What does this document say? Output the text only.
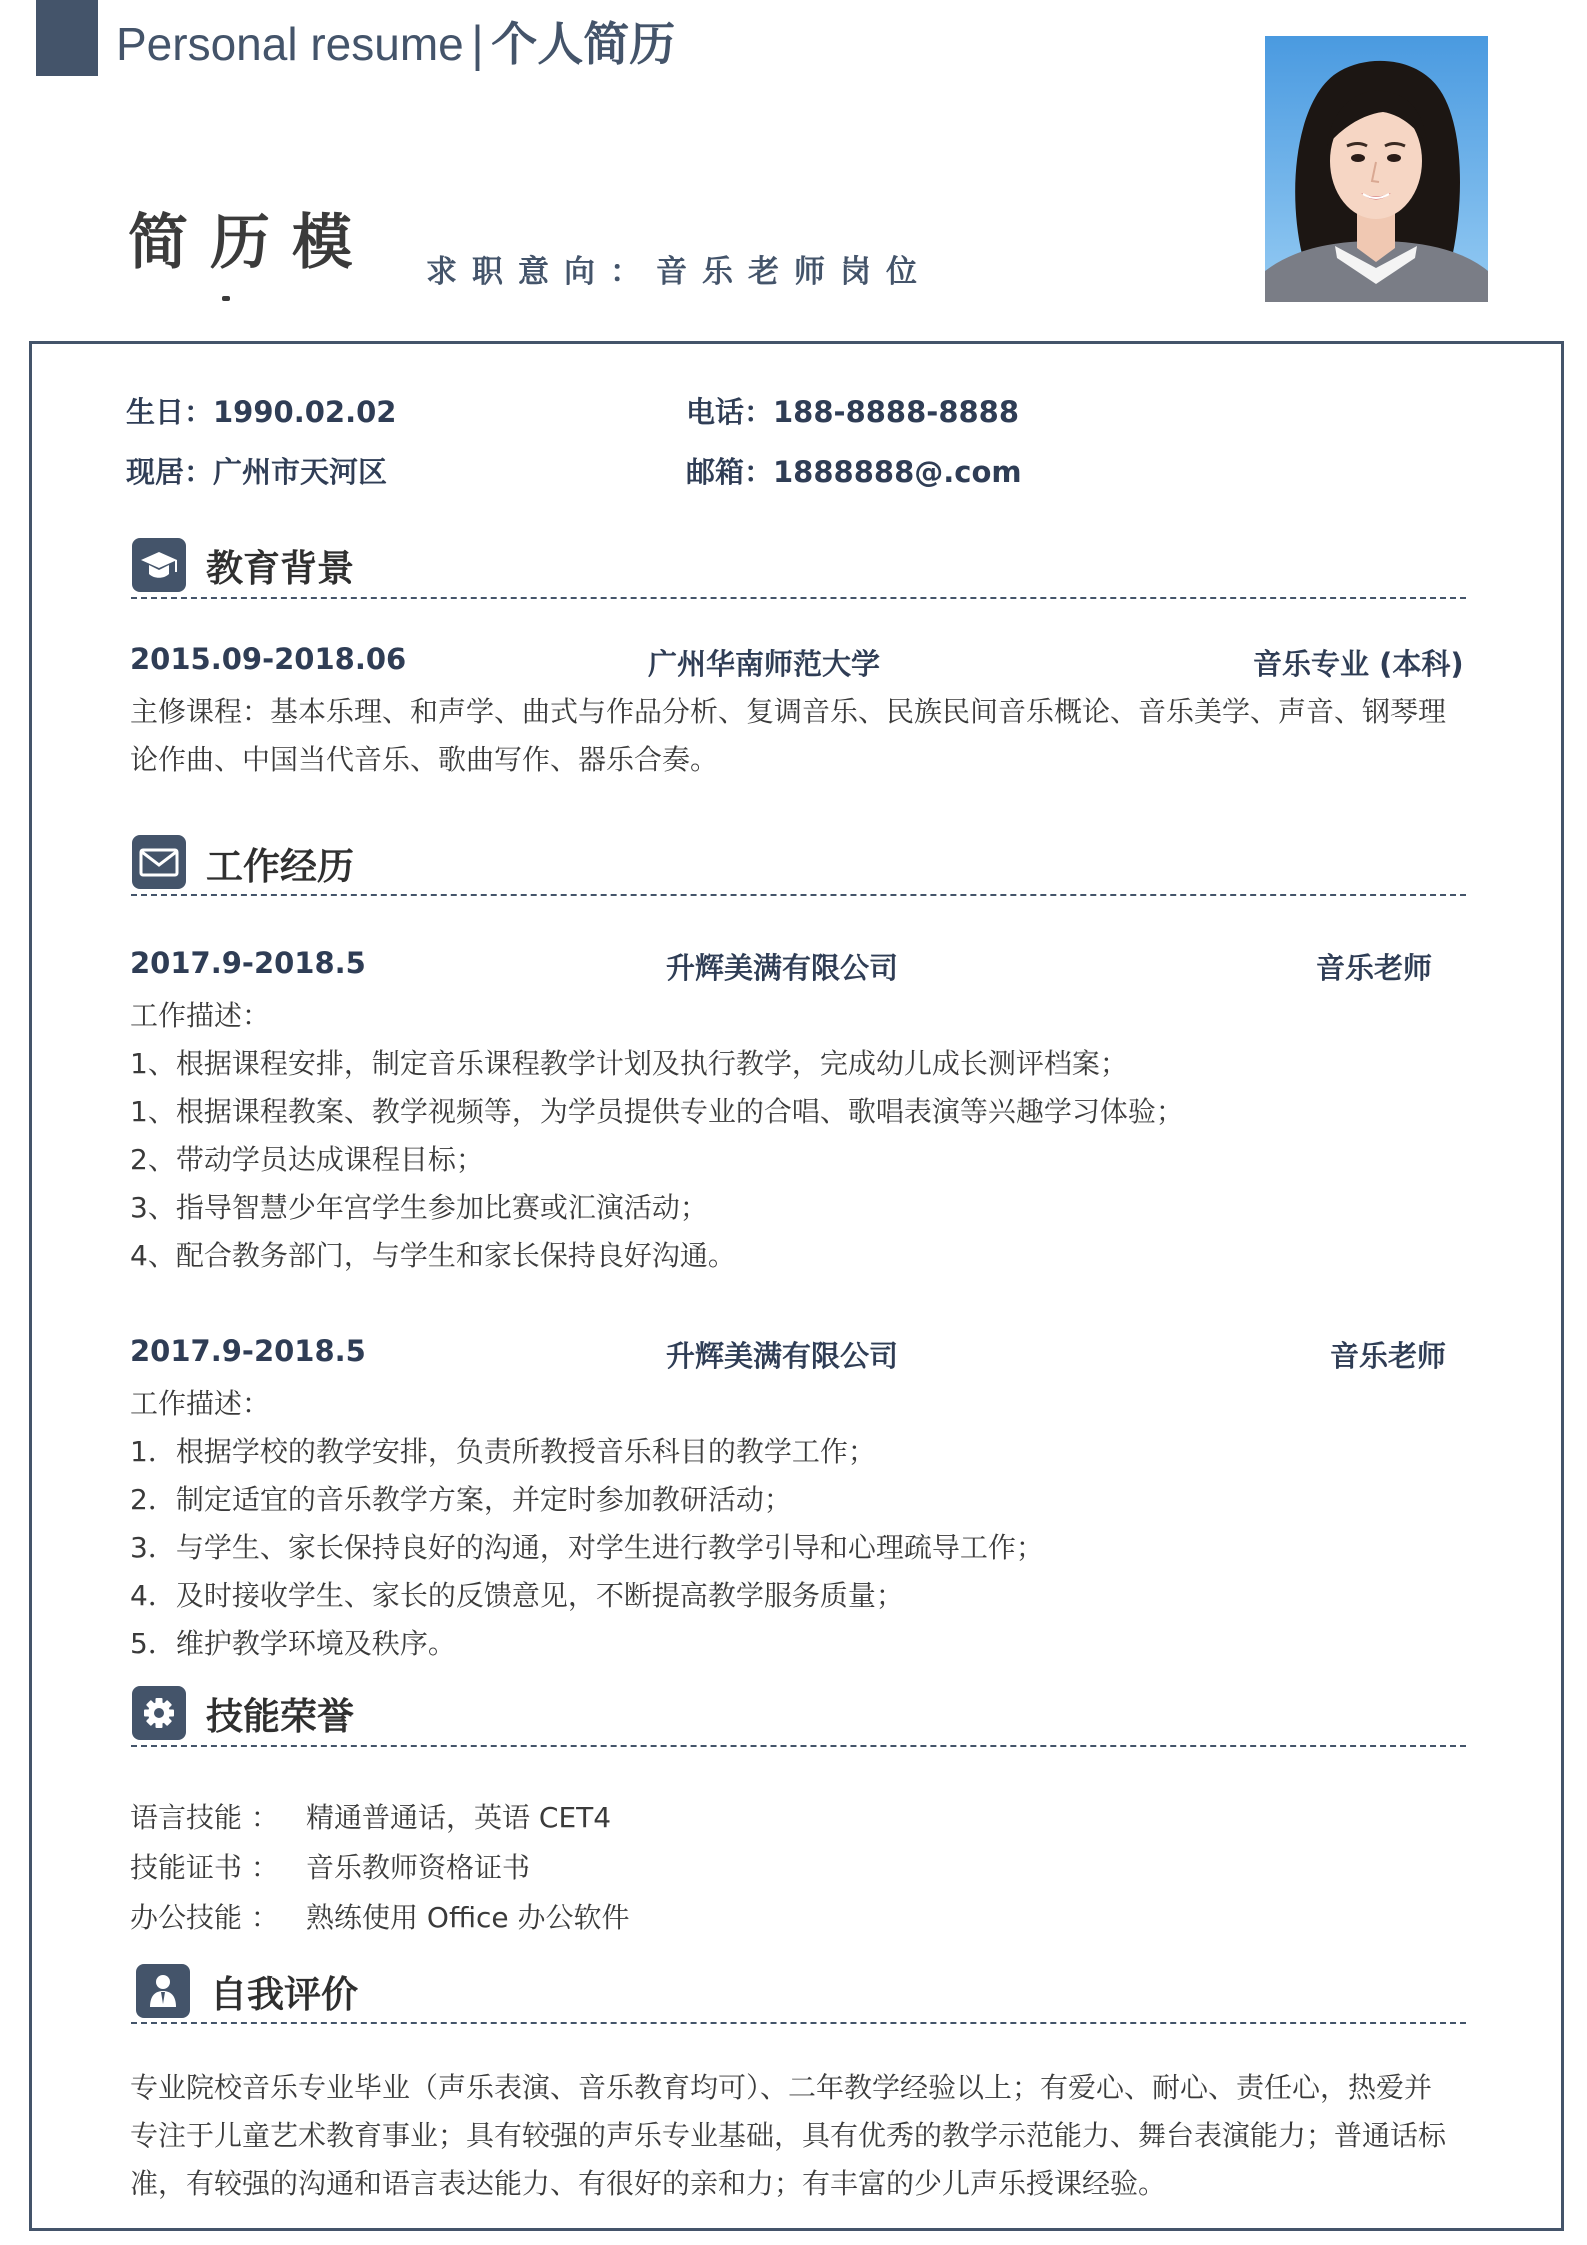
Personal resume | 个人简历
简历模 求职意向：音乐老师岗位
生日：1990.02.02	电话：188-8888-8888
现居：广州市天河区	邮箱：1888888@.com
教育背景
2015.09-2018.06	广州华南师范大学	音乐专业 (本科)
主修课程：基本乐理、和声学、曲式与作品分析、复调音乐、民族民间音乐概论、音乐美学、声音、钢琴理
论作曲、中国当代音乐、歌曲写作、器乐合奏。
工作经历
2017.9-2018.5	升辉美满有限公司	音乐老师
工作描述：
1、根据课程安排，制定音乐课程教学计划及执行教学，完成幼儿成长测评档案；
1、根据课程教案、教学视频等，为学员提供专业的合唱、歌唱表演等兴趣学习体验；
2、带动学员达成课程目标；
3、指导智慧少年宫学生参加比赛或汇演活动；
4、配合教务部门，与学生和家长保持良好沟通。
2017.9-2018.5	升辉美满有限公司	音乐老师
工作描述：
1．根据学校的教学安排，负责所教授音乐科目的教学工作；
2．制定适宜的音乐教学方案，并定时参加教研活动；
3．与学生、家长保持良好的沟通，对学生进行教学引导和心理疏导工作；
4．及时接收学生、家长的反馈意见，不断提高教学服务质量；
5．维护教学环境及秩序。
技能荣誉
语言技能 ： 精通普通话，英语 CET4
技能证书 ： 音乐教师资格证书
办公技能 ： 熟练使用 Office 办公软件
自我评价
专业院校音乐专业毕业（声乐表演、音乐教育均可）、二年教学经验以上；有爱心、耐心、责任心，热爱并
专注于儿童艺术教育事业；具有较强的声乐专业基础，具有优秀的教学示范能力、舞台表演能力；普通话标
准，有较强的沟通和语言表达能力、有很好的亲和力；有丰富的少儿声乐授课经验。
